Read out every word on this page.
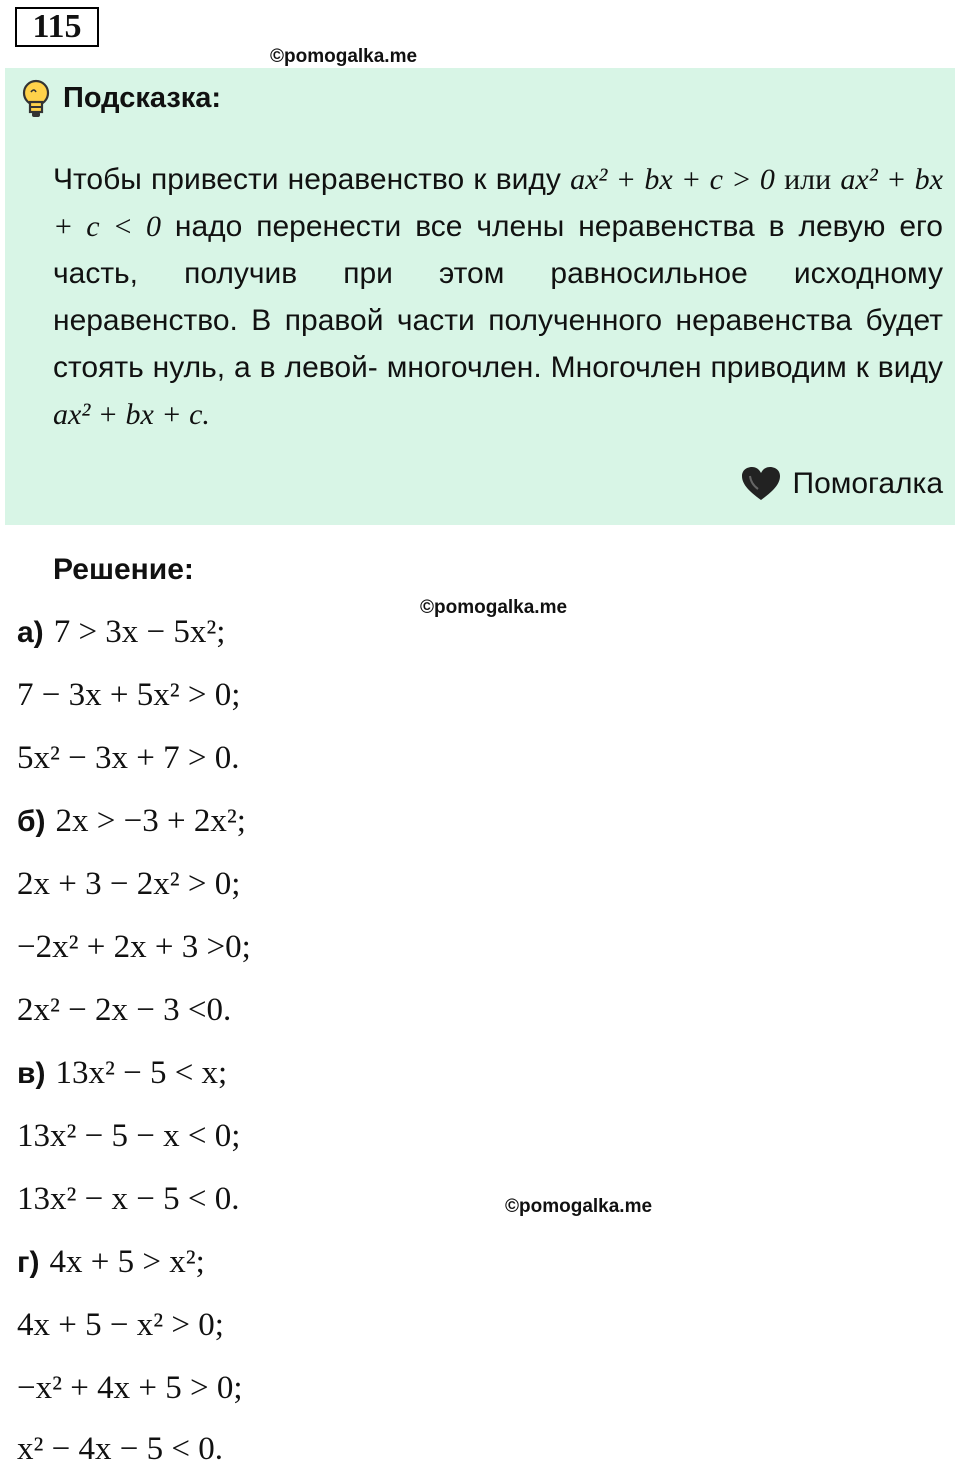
115
©pomogalka.me
Подсказка:
Чтобы привести неравенство к виду ax² + bx + c > 0 или ax² + bx + c < 0 надо перенести все члены неравенства в левую его часть, получив при этом равносильное исходному неравенство. В правой части полученного неравенства будет стоять нуль, а в левой- многочлен. Многочлен приводим к виду ax² + bx + c.
Помогалка
Решение:
©pomogalka.me
©pomogalka.me
а) 7 > 3x − 5x²;
7 − 3x + 5x² > 0;
5x² − 3x + 7 > 0.
б) 2x > −3 + 2x²;
2x + 3 − 2x² > 0;
−2x² + 2x + 3 >0;
2x² − 2x − 3 <0.
в) 13x² − 5 < x;
13x² − 5 − x < 0;
13x² − x − 5 < 0.
г) 4x + 5 > x²;
4x + 5 − x² > 0;
−x² + 4x + 5 > 0;
x² − 4x − 5 < 0.
